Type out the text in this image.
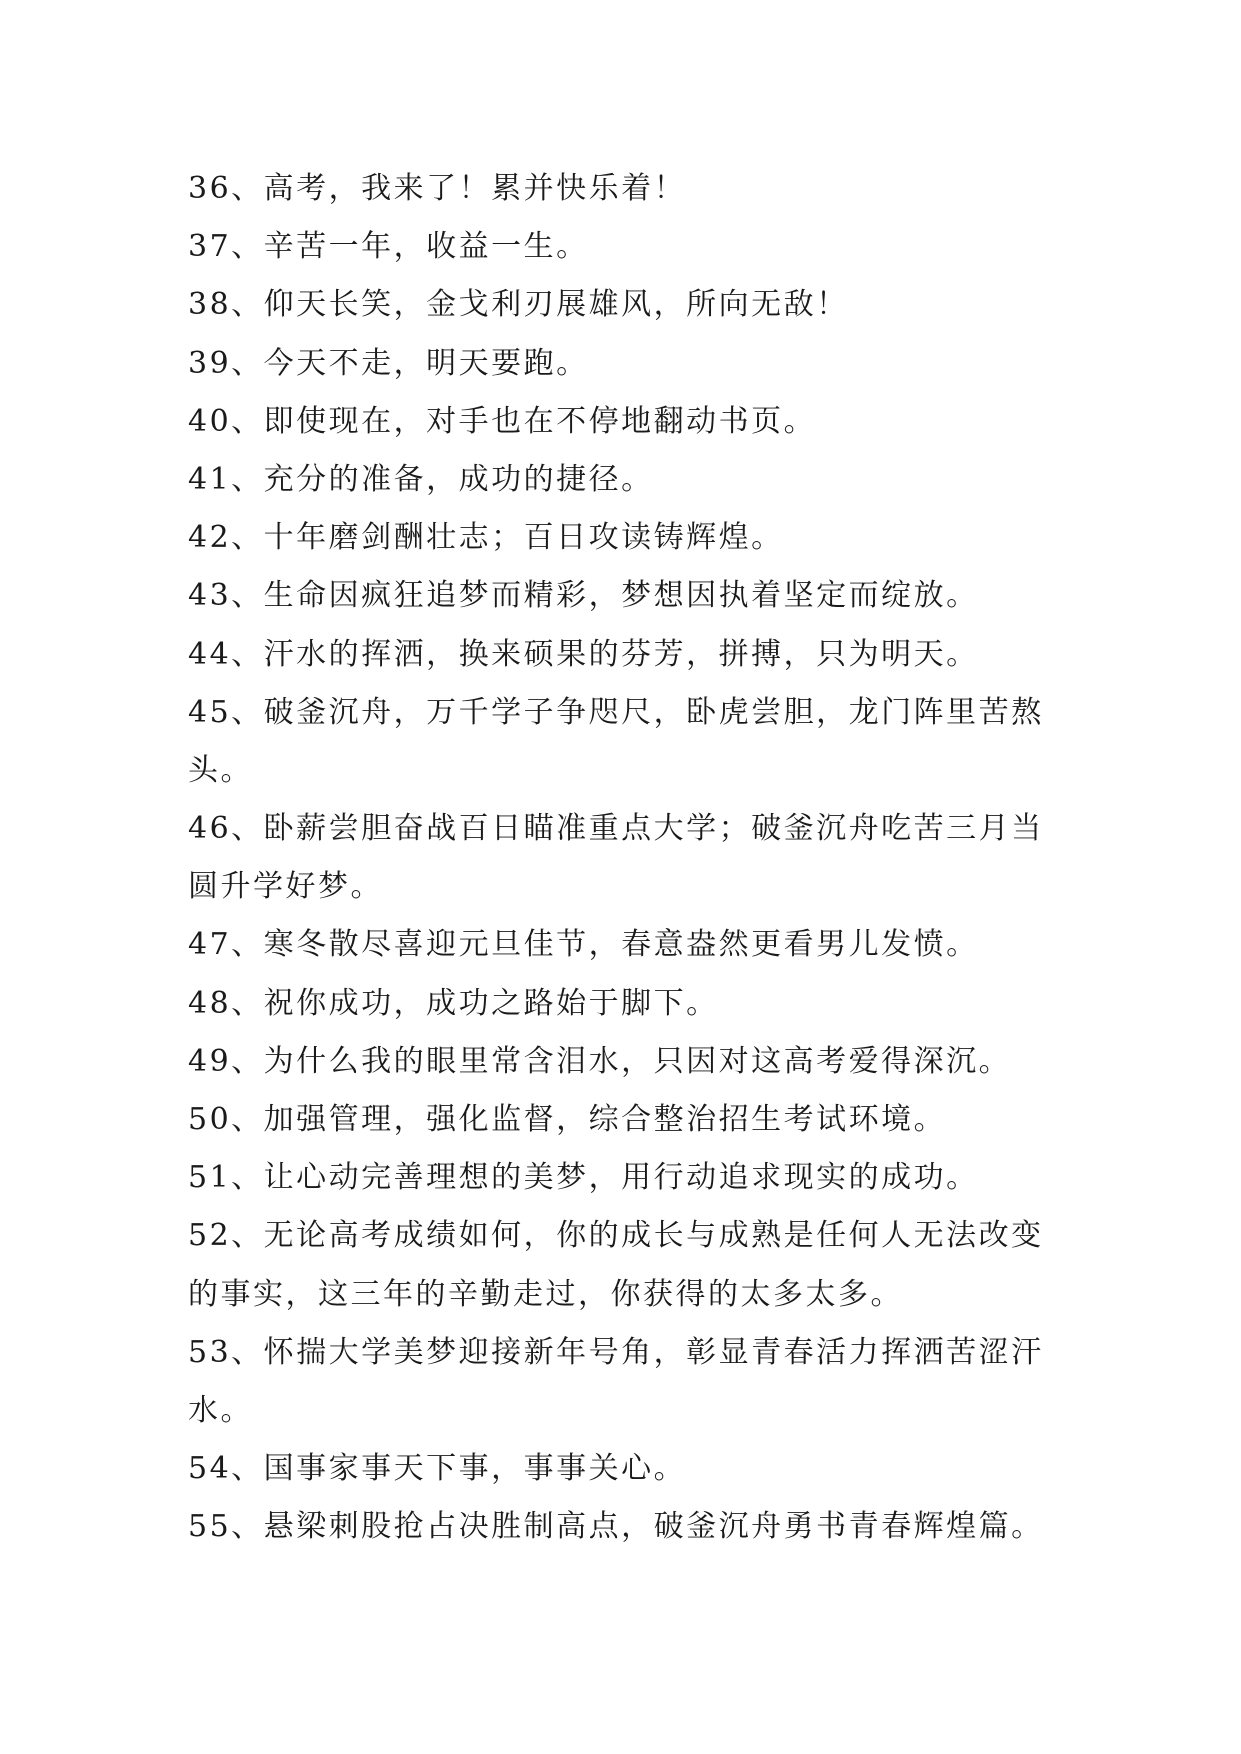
36、高考，我来了！累并快乐着！
37、辛苦一年，收益一生。
38、仰天长笑，金戈利刃展雄风，所向无敌！
39、今天不走，明天要跑。
40、即使现在，对手也在不停地翻动书页。
41、充分的准备，成功的捷径。
42、十年磨剑酬壮志；百日攻读铸辉煌。
43、生命因疯狂追梦而精彩，梦想因执着坚定而绽放。
44、汗水的挥洒，换来硕果的芬芳，拼搏，只为明天。
45、破釜沉舟，万千学子争咫尺，卧虎尝胆，龙门阵里苦熬
头。
46、卧薪尝胆奋战百日瞄准重点大学；破釜沉舟吃苦三月当
圆升学好梦。
47、寒冬散尽喜迎元旦佳节，春意盎然更看男儿发愤。
48、祝你成功，成功之路始于脚下。
49、为什么我的眼里常含泪水，只因对这高考爱得深沉。
50、加强管理，强化监督，综合整治招生考试环境。
51、让心动完善理想的美梦，用行动追求现实的成功。
52、无论高考成绩如何，你的成长与成熟是任何人无法改变
的事实，这三年的辛勤走过，你获得的太多太多。
53、怀揣大学美梦迎接新年号角，彰显青春活力挥洒苦涩汗
水。
54、国事家事天下事，事事关心。
55、悬梁刺股抢占决胜制高点，破釜沉舟勇书青春辉煌篇。
